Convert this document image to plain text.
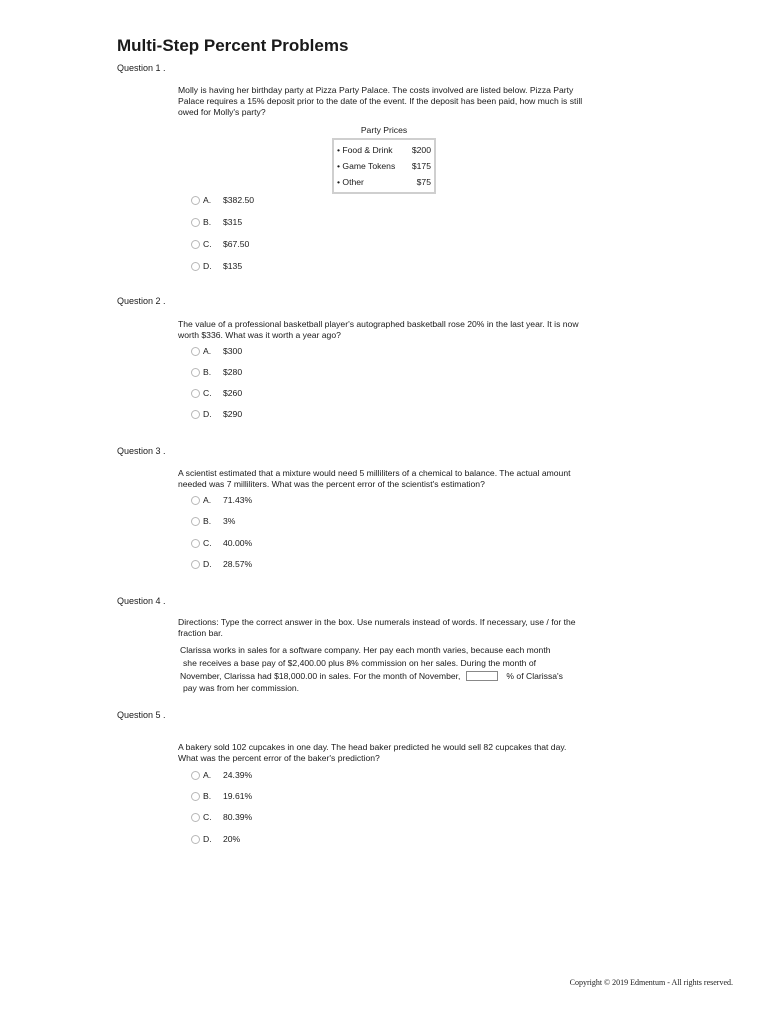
Multi-Step Percent Problems
Question 1 .
Molly is having her birthday party at Pizza Party Palace. The costs involved are listed below. Pizza Party Palace requires a 15% deposit prior to the date of the event. If the deposit has been paid, how much is still owed for Molly's party?
Party Prices
• Food & Drink $200
• Game Tokens $175
• Other	$75
A.	$382.50
B.	$315
C.	$67.50
D.	$135
Question 2 .
The value of a professional basketball player's autographed basketball rose 20% in the last year. It is now worth $336. What was it worth a year ago?
A.	$300
B.	$280
C.	$260
D.	$290
Question 3 .
A scientist estimated that a mixture would need 5 milliliters of a chemical to balance. The actual amount needed was 7 milliliters. What was the percent error of the scientist's estimation?
A.	71.43%
B.	3%
C.	40.00%
D.	28.57%
Question 4 .
Directions: Type the correct answer in the box. Use numerals instead of words. If necessary, use / for the fraction bar.
Clarissa works in sales for a software company. Her pay each month varies, because each month
she receives a base pay of $2,400.00 plus 8% commission on her sales. During the month of
November, Clarissa had $18,000.00 in sales. For the month of November,	% of Clarissa's
pay was from her commission.
Question 5 .
A bakery sold 102 cupcakes in one day. The head baker predicted he would sell 82 cupcakes that day. What was the percent error of the baker's prediction?
A.	24.39%
B.	19.61%
C.	80.39%
D.	20%
Copyright © 2019 Edmentum - All rights reserved.
